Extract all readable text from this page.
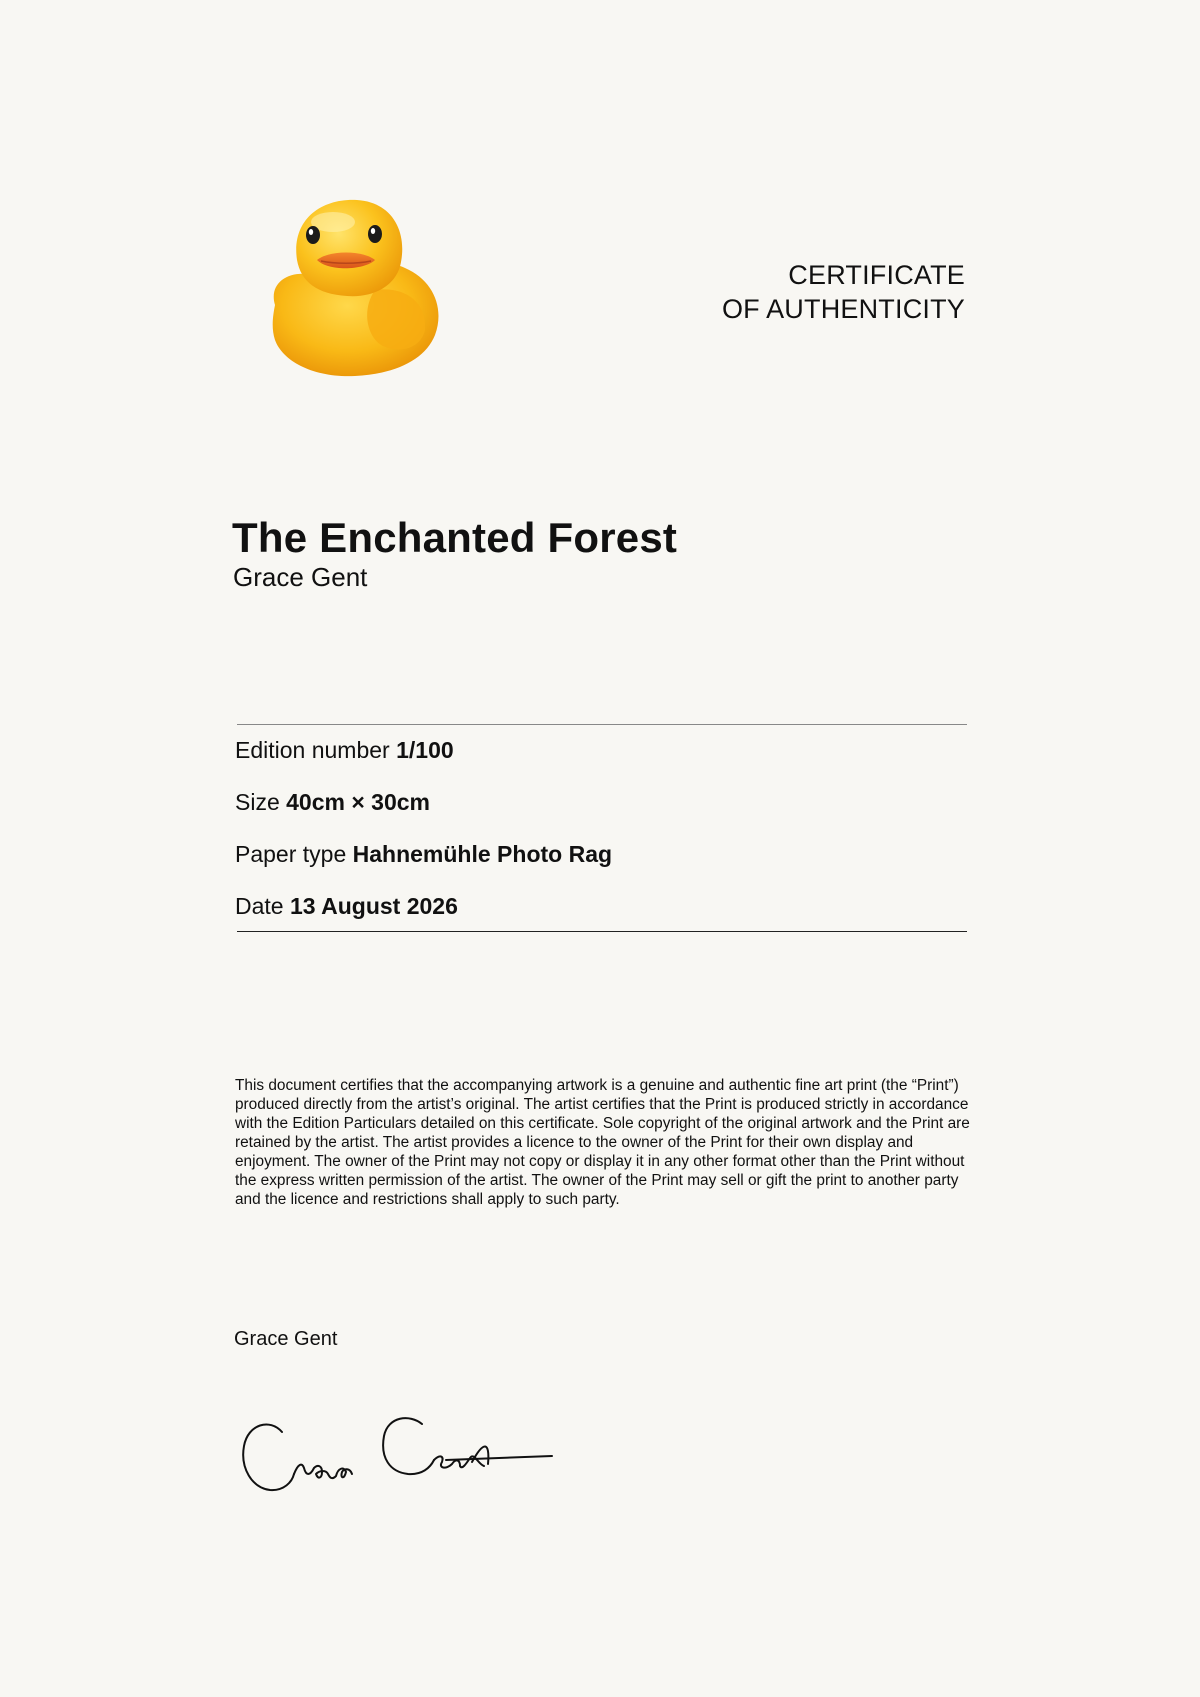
CERTIFICATE
OF AUTHENTICITY
The Enchanted Forest
Grace Gent
Edition number 1/100
Size 40cm × 30cm
Paper type Hahnemühle Photo Rag
Date 13 August 2026

This document certifies that the accompanying artwork is a genuine and authentic fine art print (the “Print”) produced directly from the artist’s original. The artist certifies that the Print is produced strictly in accordance with the Edition Particulars detailed on this certificate. Sole copyright of the original artwork and the Print are retained by the artist. The artist provides a licence to the owner of the Print for their own display and enjoyment. The owner of the Print may not copy or display it in any other format other than the Print without the express written permission of the artist. The owner of the Print may sell or gift the print to another party and the licence and restrictions shall apply to such party.

Grace Gent
